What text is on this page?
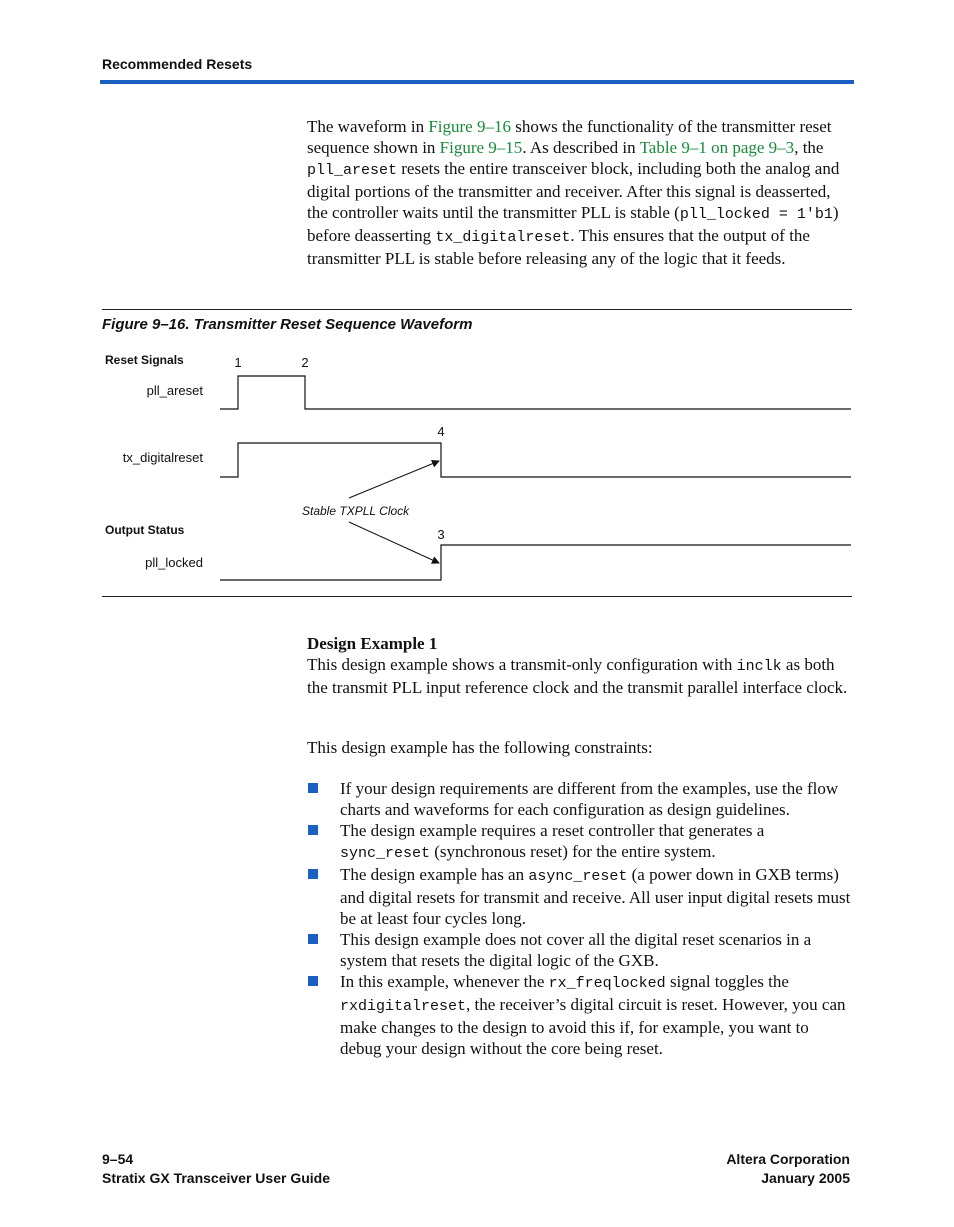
Recommended Resets
The waveform in Figure 9–16 shows the functionality of the transmitter reset sequence shown in Figure 9–15. As described in Table 9–1 on page 9–3, the pll_areset resets the entire transceiver block, including both the analog and digital portions of the transmitter and receiver. After this signal is deasserted, the controller waits until the transmitter PLL is stable (pll_locked = 1'b1) before deasserting tx_digitalreset. This ensures that the output of the transmitter PLL is stable before releasing any of the logic that it feeds.
Figure 9–16. Transmitter Reset Sequence Waveform
Reset Signals
Output Status
pll_areset
tx_digitalreset
pll_locked
1	2
4
3
Stable TXPLL Clock
Design Example 1
This design example shows a transmit-only configuration with inclk as both the transmit PLL input reference clock and the transmit parallel interface clock.
This design example has the following constraints:
If your design requirements are different from the examples, use the flow charts and waveforms for each configuration as design guidelines.
The design example requires a reset controller that generates a sync_reset (synchronous reset) for the entire system.
The design example has an async_reset (a power down in GXB terms) and digital resets for transmit and receive. All user input digital resets must be at least four cycles long.
This design example does not cover all the digital reset scenarios in a system that resets the digital logic of the GXB.
In this example, whenever the rx_freqlocked signal toggles the rxdigitalreset, the receiver’s digital circuit is reset. However, you can make changes to the design to avoid this if, for example, you want to debug your design without the core being reset.
9–54
Stratix GX Transceiver User Guide
Altera Corporation
January 2005
